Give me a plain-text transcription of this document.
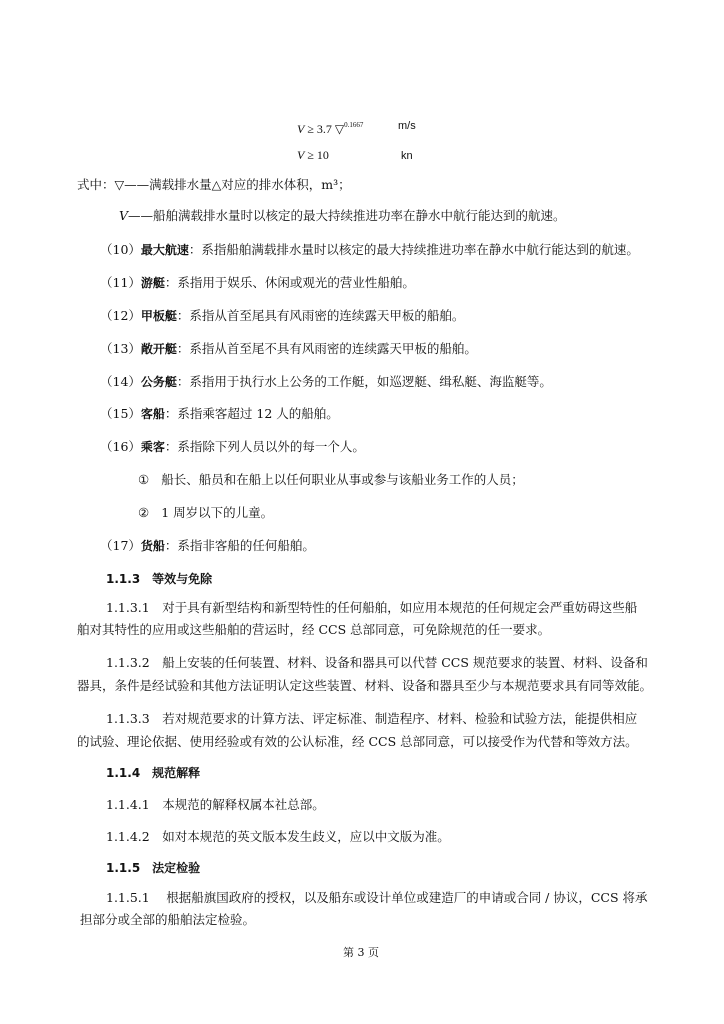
V ≥ 3.7 ▽$^{0.1667}$	m/s
V ≥ 10	kn
式中：▽——满载排水量△对应的排水体积，m³；
V——船舶满载排水量时以核定的最大持续推进功率在静水中航行能达到的航速。
（10）最大航速：系指船舶满载排水量时以核定的最大持续推进功率在静水中航行能达到的航速。
（11）游艇：系指用于娱乐、休闲或观光的营业性船舶。
（12）甲板艇：系指从首至尾具有风雨密的连续露天甲板的船舶。
（13）敞开艇：系指从首至尾不具有风雨密的连续露天甲板的船舶。
（14）公务艇：系指用于执行水上公务的工作艇，如巡逻艇、缉私艇、海监艇等。
（15）客船：系指乘客超过 12 人的船舶。
（16）乘客：系指除下列人员以外的每一个人。
① 船长、船员和在船上以任何职业从事或参与该船业务工作的人员；
② 1 周岁以下的儿童。
（17）货船：系指非客船的任何船舶。
1.1.3　等效与免除
1.1.3.1　对于具有新型结构和新型特性的任何船舶，如应用本规范的任何规定会严重妨碍这些船
舶对其特性的应用或这些船舶的营运时，经 CCS 总部同意，可免除规范的任一要求。
1.1.3.2　船上安装的任何装置、材料、设备和器具可以代替 CCS 规范要求的装置、材料、设备和
器具，条件是经试验和其他方法证明认定这些装置、材料、设备和器具至少与本规范要求具有同等效能。
1.1.3.3　若对规范要求的计算方法、评定标准、制造程序、材料、检验和试验方法，能提供相应
的试验、理论依据、使用经验或有效的公认标准，经 CCS 总部同意，可以接受作为代替和等效方法。
1.1.4　规范解释
1.1.4.1　本规范的解释权属本社总部。
1.1.4.2　如对本规范的英文版本发生歧义，应以中文版为准。
1.1.5　法定检验
1.1.5.1　 根据船旗国政府的授权，以及船东或设计单位或建造厂的申请或合同 / 协议，CCS 将承
担部分或全部的船舶法定检验。
第 3 页
